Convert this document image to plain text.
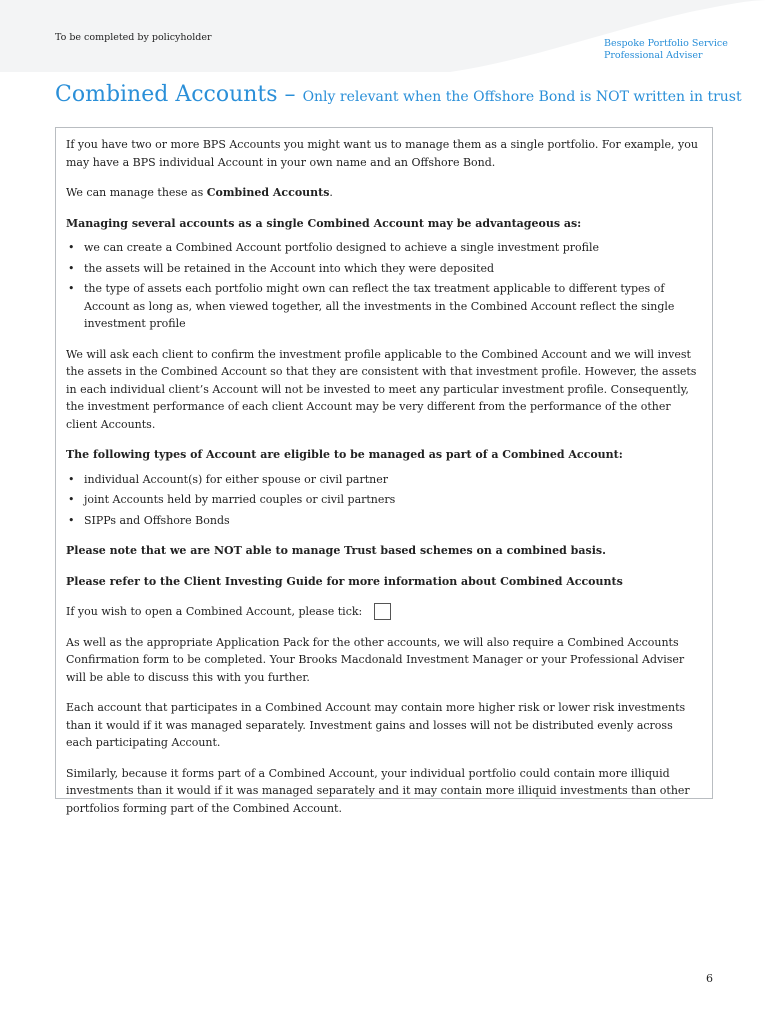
To be completed by policyholder
Bespoke Portfolio Service
Professional Adviser
Combined Accounts – Only relevant when the Offshore Bond is NOT written in trust

If you have two or more BPS Accounts you might want us to manage them as a single portfolio. For example, you may have a BPS individual Account in your own name and an Offshore Bond.

We can manage these as Combined Accounts.

Managing several accounts as a single Combined Account may be advantageous as:

• we can create a Combined Account portfolio designed to achieve a single investment profile
• the assets will be retained in the Account into which they were deposited
• the type of assets each portfolio might own can reflect the tax treatment applicable to different types of Account as long as, when viewed together, all the investments in the Combined Account reflect the single investment profile

We will ask each client to confirm the investment profile applicable to the Combined Account and we will invest the assets in the Combined Account so that they are consistent with that investment profile. However, the assets in each individual client’s Account will not be invested to meet any particular investment profile. Consequently, the investment performance of each client Account may be very different from the performance of the other client Accounts.

The following types of Account are eligible to be managed as part of a Combined Account:

• individual Account(s) for either spouse or civil partner
• joint Accounts held by married couples or civil partners
• SIPPs and Offshore Bonds

Please note that we are NOT able to manage Trust based schemes on a combined basis.

Please refer to the Client Investing Guide for more information about Combined Accounts

If you wish to open a Combined Account, please tick:

As well as the appropriate Application Pack for the other accounts, we will also require a Combined Accounts Confirmation form to be completed. Your Brooks Macdonald Investment Manager or your Professional Adviser will be able to discuss this with you further.

Each account that participates in a Combined Account may contain more higher risk or lower risk investments than it would if it was managed separately. Investment gains and losses will not be distributed evenly across each participating Account.

Similarly, because it forms part of a Combined Account, your individual portfolio could contain more illiquid investments than it would if it was managed separately and it may contain more illiquid investments than other portfolios forming part of the Combined Account.

6
